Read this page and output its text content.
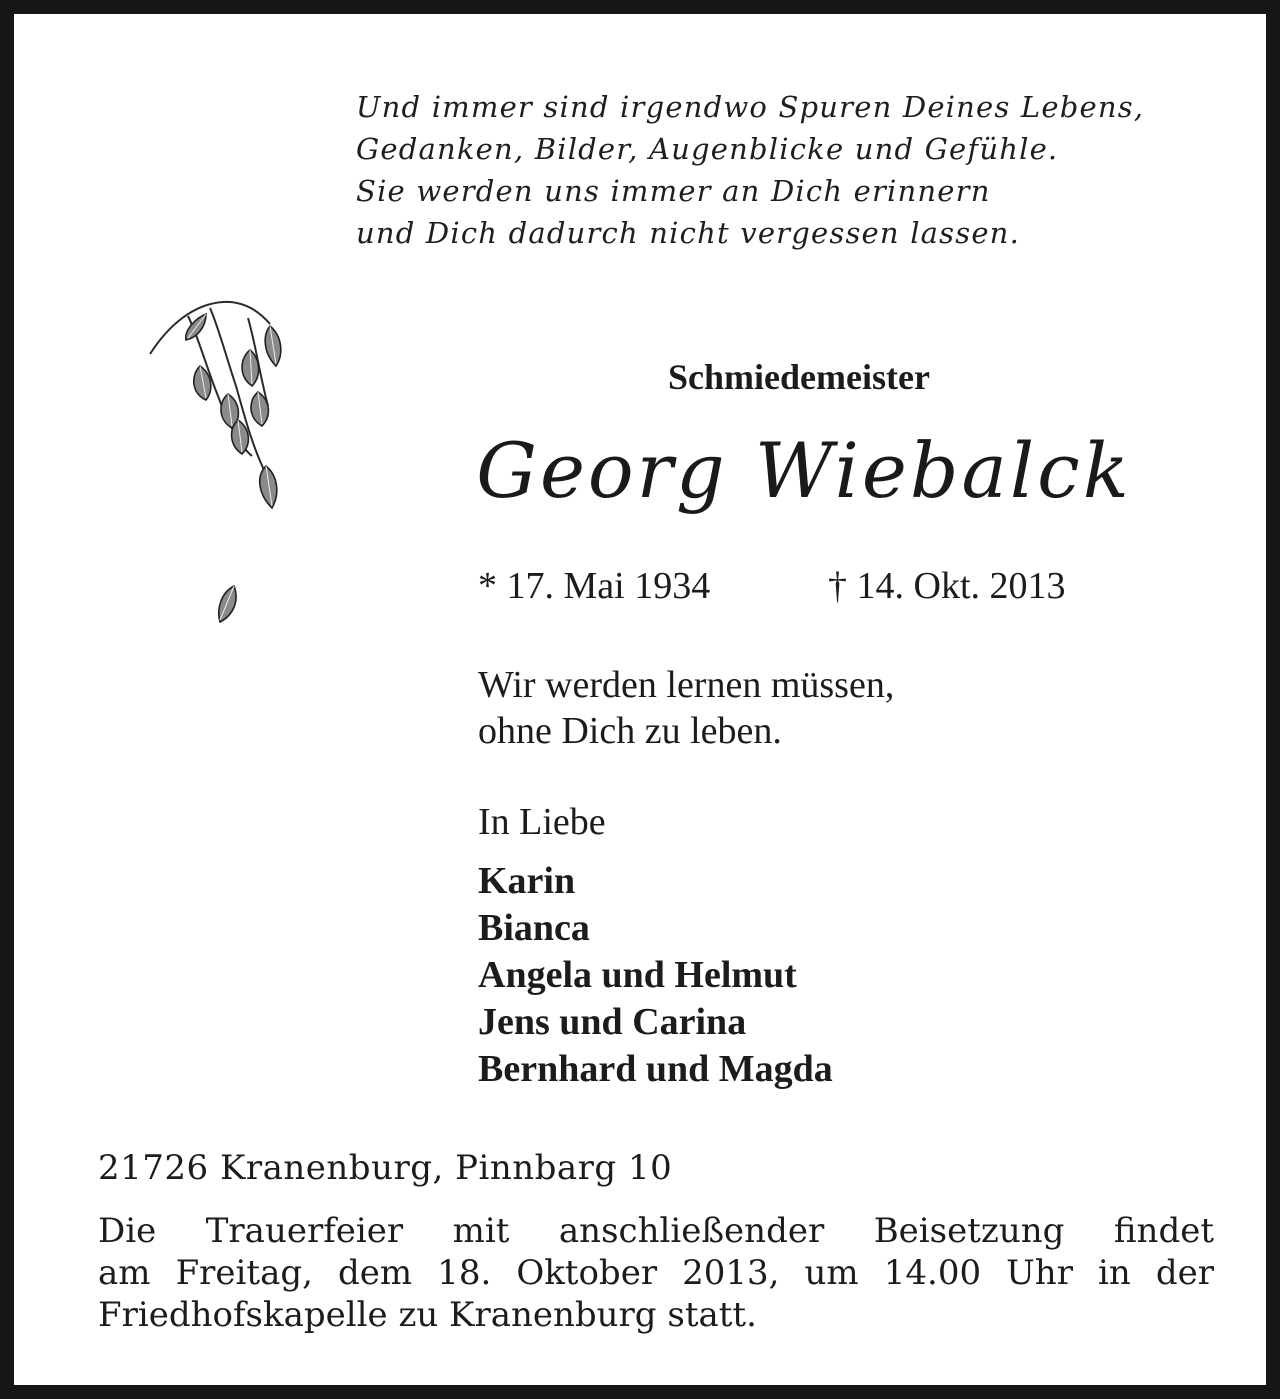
Und immer sind irgendwo Spuren Deines Lebens,
Gedanken, Bilder, Augenblicke und Gefühle.
Sie werden uns immer an Dich erinnern
und Dich dadurch nicht vergessen lassen.
Schmiedemeister
Georg Wiebalck
* 17. Mai 1934	† 14. Okt. 2013
Wir werden lernen müssen,
ohne Dich zu leben.
In Liebe
Karin
Bianca
Angela und Helmut
Jens und Carina
Bernhard und Magda
21726 Kranenburg, Pinnbarg 10
Die Trauerfeier mit anschließender Beisetzung findet
am Freitag, dem 18. Oktober 2013, um 14.00 Uhr in der
Friedhofskapelle zu Kranenburg statt.
